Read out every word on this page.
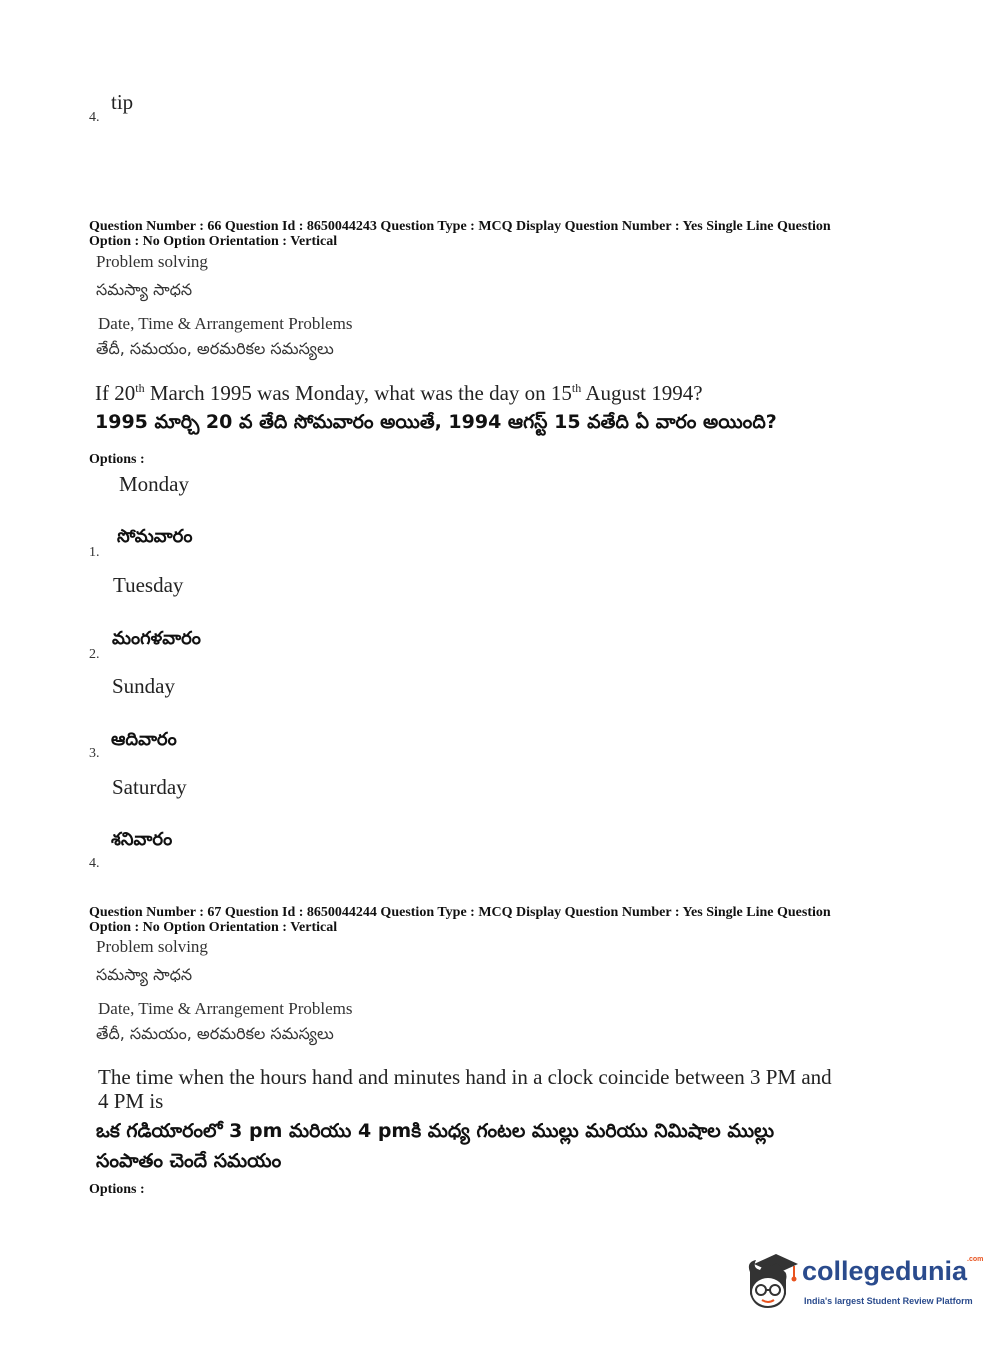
4.
tip
Question Number : 66 Question Id : 8650044243 Question Type : MCQ Display Question Number : Yes Single Line Question
Option : No Option Orientation : Vertical
Problem solving
సమస్యా సాధన
Date, Time & Arrangement Problems
తేదీ, సమయం, అరమరికల సమస్యలు
If 20th March 1995 was Monday, what was the day on 15th August 1994?
1995 మార్చి 20 వ తేది సోమవారం అయితే, 1994 ఆగస్ట్ 15 వతేది ఏ వారం అయింది?
Options :
Monday
సోమవారం
1.
Tuesday
మంగళవారం
2.
Sunday
ఆదివారం
3.
Saturday
శనివారం
4.
Question Number : 67 Question Id : 8650044244 Question Type : MCQ Display Question Number : Yes Single Line Question
Option : No Option Orientation : Vertical
Problem solving
సమస్యా సాధన
Date, Time & Arrangement Problems
తేదీ, సమయం, అరమరికల సమస్యలు
The time when the hours hand and minutes hand in a clock coincide between 3 PM and
4 PM is
ఒక గడియారంలో 3 pm మరియు 4 pmకి మధ్య గంటల ముల్లు మరియు నిమిషాల ముల్లు
సంపాతం చెందే సమయం
Options :
collegedunia$^{.com}$
India's largest Student Review Platform
